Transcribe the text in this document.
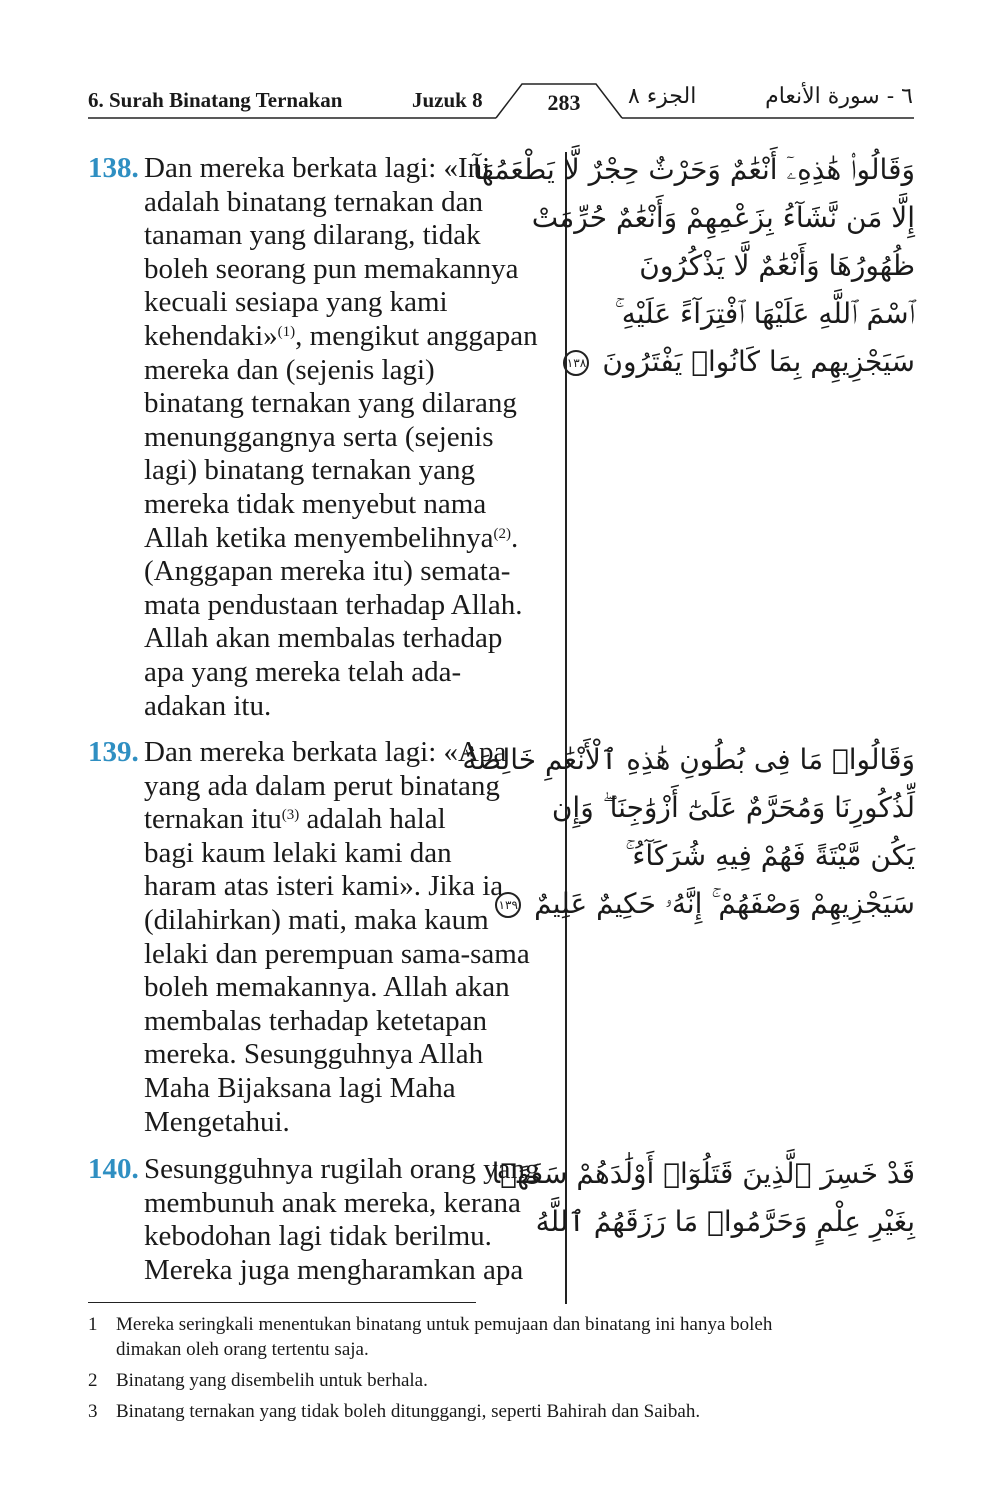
6. Surah Binatang Ternakan	Juzuk 8	283	الجزء ٨	٦ - سورة الأنعام
138. Dan mereka berkata lagi: «Ini

adalah binatang ternakan dan

tanaman yang dilarang, tidak

boleh seorang pun memakannya

kecuali sesiapa yang kami

kehendaki»$^{(1)}$, mengikut anggapan

mereka dan (sejenis lagi)

binatang ternakan yang dilarang

menunggangnya serta (sejenis

lagi) binatang ternakan yang

mereka tidak menyebut nama

Allah ketika menyembelihnya$^{(2)}$.

(Anggapan mereka itu) semata-

mata pendustaan terhadap Allah.

Allah akan membalas terhadap

apa yang mereka telah ada-

adakan itu.

139. Dan mereka berkata lagi: «Apa

yang ada dalam perut binatang

ternakan itu$^{(3)}$ adalah halal

bagi kaum lelaki kami dan

haram atas isteri kami». Jika ia

(dilahirkan) mati, maka kaum

lelaki dan perempuan sama-sama

boleh memakannya. Allah akan

membalas terhadap ketetapan

mereka. Sesungguhnya Allah

Maha Bijaksana lagi Maha

Mengetahui.

140. Sesungguhnya rugilah orang yang

membunuh anak mereka, kerana

kebodohan lagi tidak berilmu.

Mereka juga mengharamkan apa

وَقَالُوا۟ هَٰذِهِۦٓ أَنْعَٰمٌ وَحَرْثٌ حِجْرٌ لَّا يَطْعَمُهَآ

إِلَّا مَن نَّشَآءُ بِزَعْمِهِمْ وَأَنْعَٰمٌ حُرِّمَتْ

ظُهُورُهَا وَأَنْعَٰمٌ لَّا يَذْكُرُونَ

ٱسْمَ ٱللَّهِ عَلَيْهَا ٱفْتِرَآءً عَلَيْهِ ۚ

سَيَجْزِيهِم بِمَا كَانُوا۟ يَفْتَرُونَ ١٣٨

وَقَالُوا۟ مَا فِى بُطُونِ هَٰذِهِ ٱلْأَنْعَٰمِ خَالِصَةٌ

لِّذُكُورِنَا وَمُحَرَّمٌ عَلَىٰٓ أَزْوَٰجِنَا ۖ وَإِن

يَكُن مَّيْتَةً فَهُمْ فِيهِ شُرَكَآءُ ۚ

سَيَجْزِيهِمْ وَصْفَهُمْ ۚ إِنَّهُۥ حَكِيمٌ عَلِيمٌ ١٣٩

قَدْ خَسِرَ ٱلَّذِينَ قَتَلُوٓا۟ أَوْلَٰدَهُمْ سَفَهًۢا

بِغَيْرِ عِلْمٍ وَحَرَّمُوا۟ مَا رَزَقَهُمُ ٱللَّهُ

1 Mereka seringkali menentukan binatang untuk pemujaan dan binatang ini hanya boleh

dimakan oleh orang tertentu saja.

2 Binatang yang disembelih untuk berhala.

3 Binatang ternakan yang tidak boleh ditunggangi, seperti Bahirah dan Saibah.
